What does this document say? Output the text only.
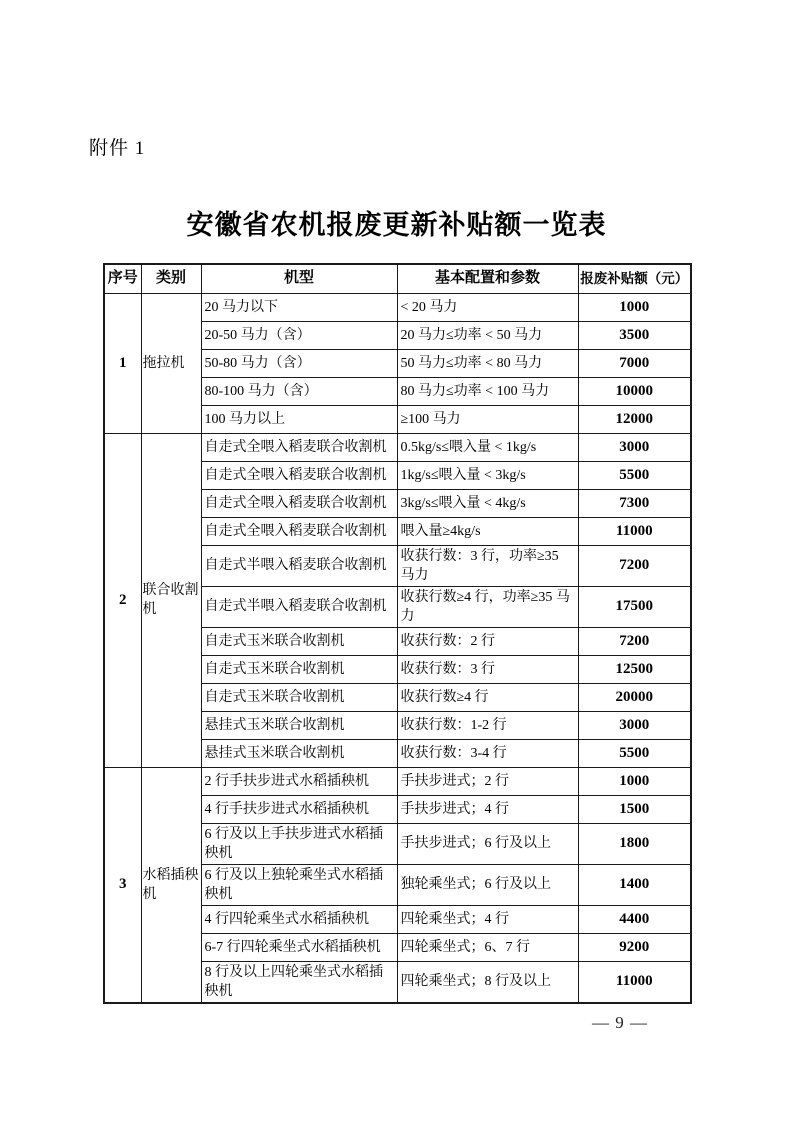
附件 1
安徽省农机报废更新补贴额一览表
序号	类别	机型	基本配置和参数	报废补贴额（元）
1	拖拉机	20 马力以下	< 20 马力	1000
		20-50 马力（含）	20 马力≤功率 < 50 马力	3500
		50-80 马力（含）	50 马力≤功率 < 80 马力	7000
		80-100 马力（含）	80 马力≤功率 < 100 马力	10000
		100 马力以上	≥100 马力	12000
2	联合收割机	自走式全喂入稻麦联合收割机	0.5kg/s≤喂入量 < 1kg/s	3000
		自走式全喂入稻麦联合收割机	1kg/s≤喂入量 < 3kg/s	5500
		自走式全喂入稻麦联合收割机	3kg/s≤喂入量 < 4kg/s	7300
		自走式全喂入稻麦联合收割机	喂入量≥4kg/s	11000
		自走式半喂入稻麦联合收割机	收获行数：3 行，功率≥35 马力	7200
		自走式半喂入稻麦联合收割机	收获行数≥4 行，功率≥35 马力	17500
		自走式玉米联合收割机	收获行数：2 行	7200
		自走式玉米联合收割机	收获行数：3 行	12500
		自走式玉米联合收割机	收获行数≥4 行	20000
		悬挂式玉米联合收割机	收获行数：1-2 行	3000
		悬挂式玉米联合收割机	收获行数：3-4 行	5500
3	水稻插秧机	2 行手扶步进式水稻插秧机	手扶步进式；2 行	1000
		4 行手扶步进式水稻插秧机	手扶步进式；4 行	1500
		6 行及以上手扶步进式水稻插秧机	手扶步进式；6 行及以上	1800
		6 行及以上独轮乘坐式水稻插秧机	独轮乘坐式；6 行及以上	1400
		4 行四轮乘坐式水稻插秧机	四轮乘坐式；4 行	4400
		6-7 行四轮乘坐式水稻插秧机	四轮乘坐式；6、7 行	9200
		8 行及以上四轮乘坐式水稻插秧机	四轮乘坐式；8 行及以上	11000
— 9 —
